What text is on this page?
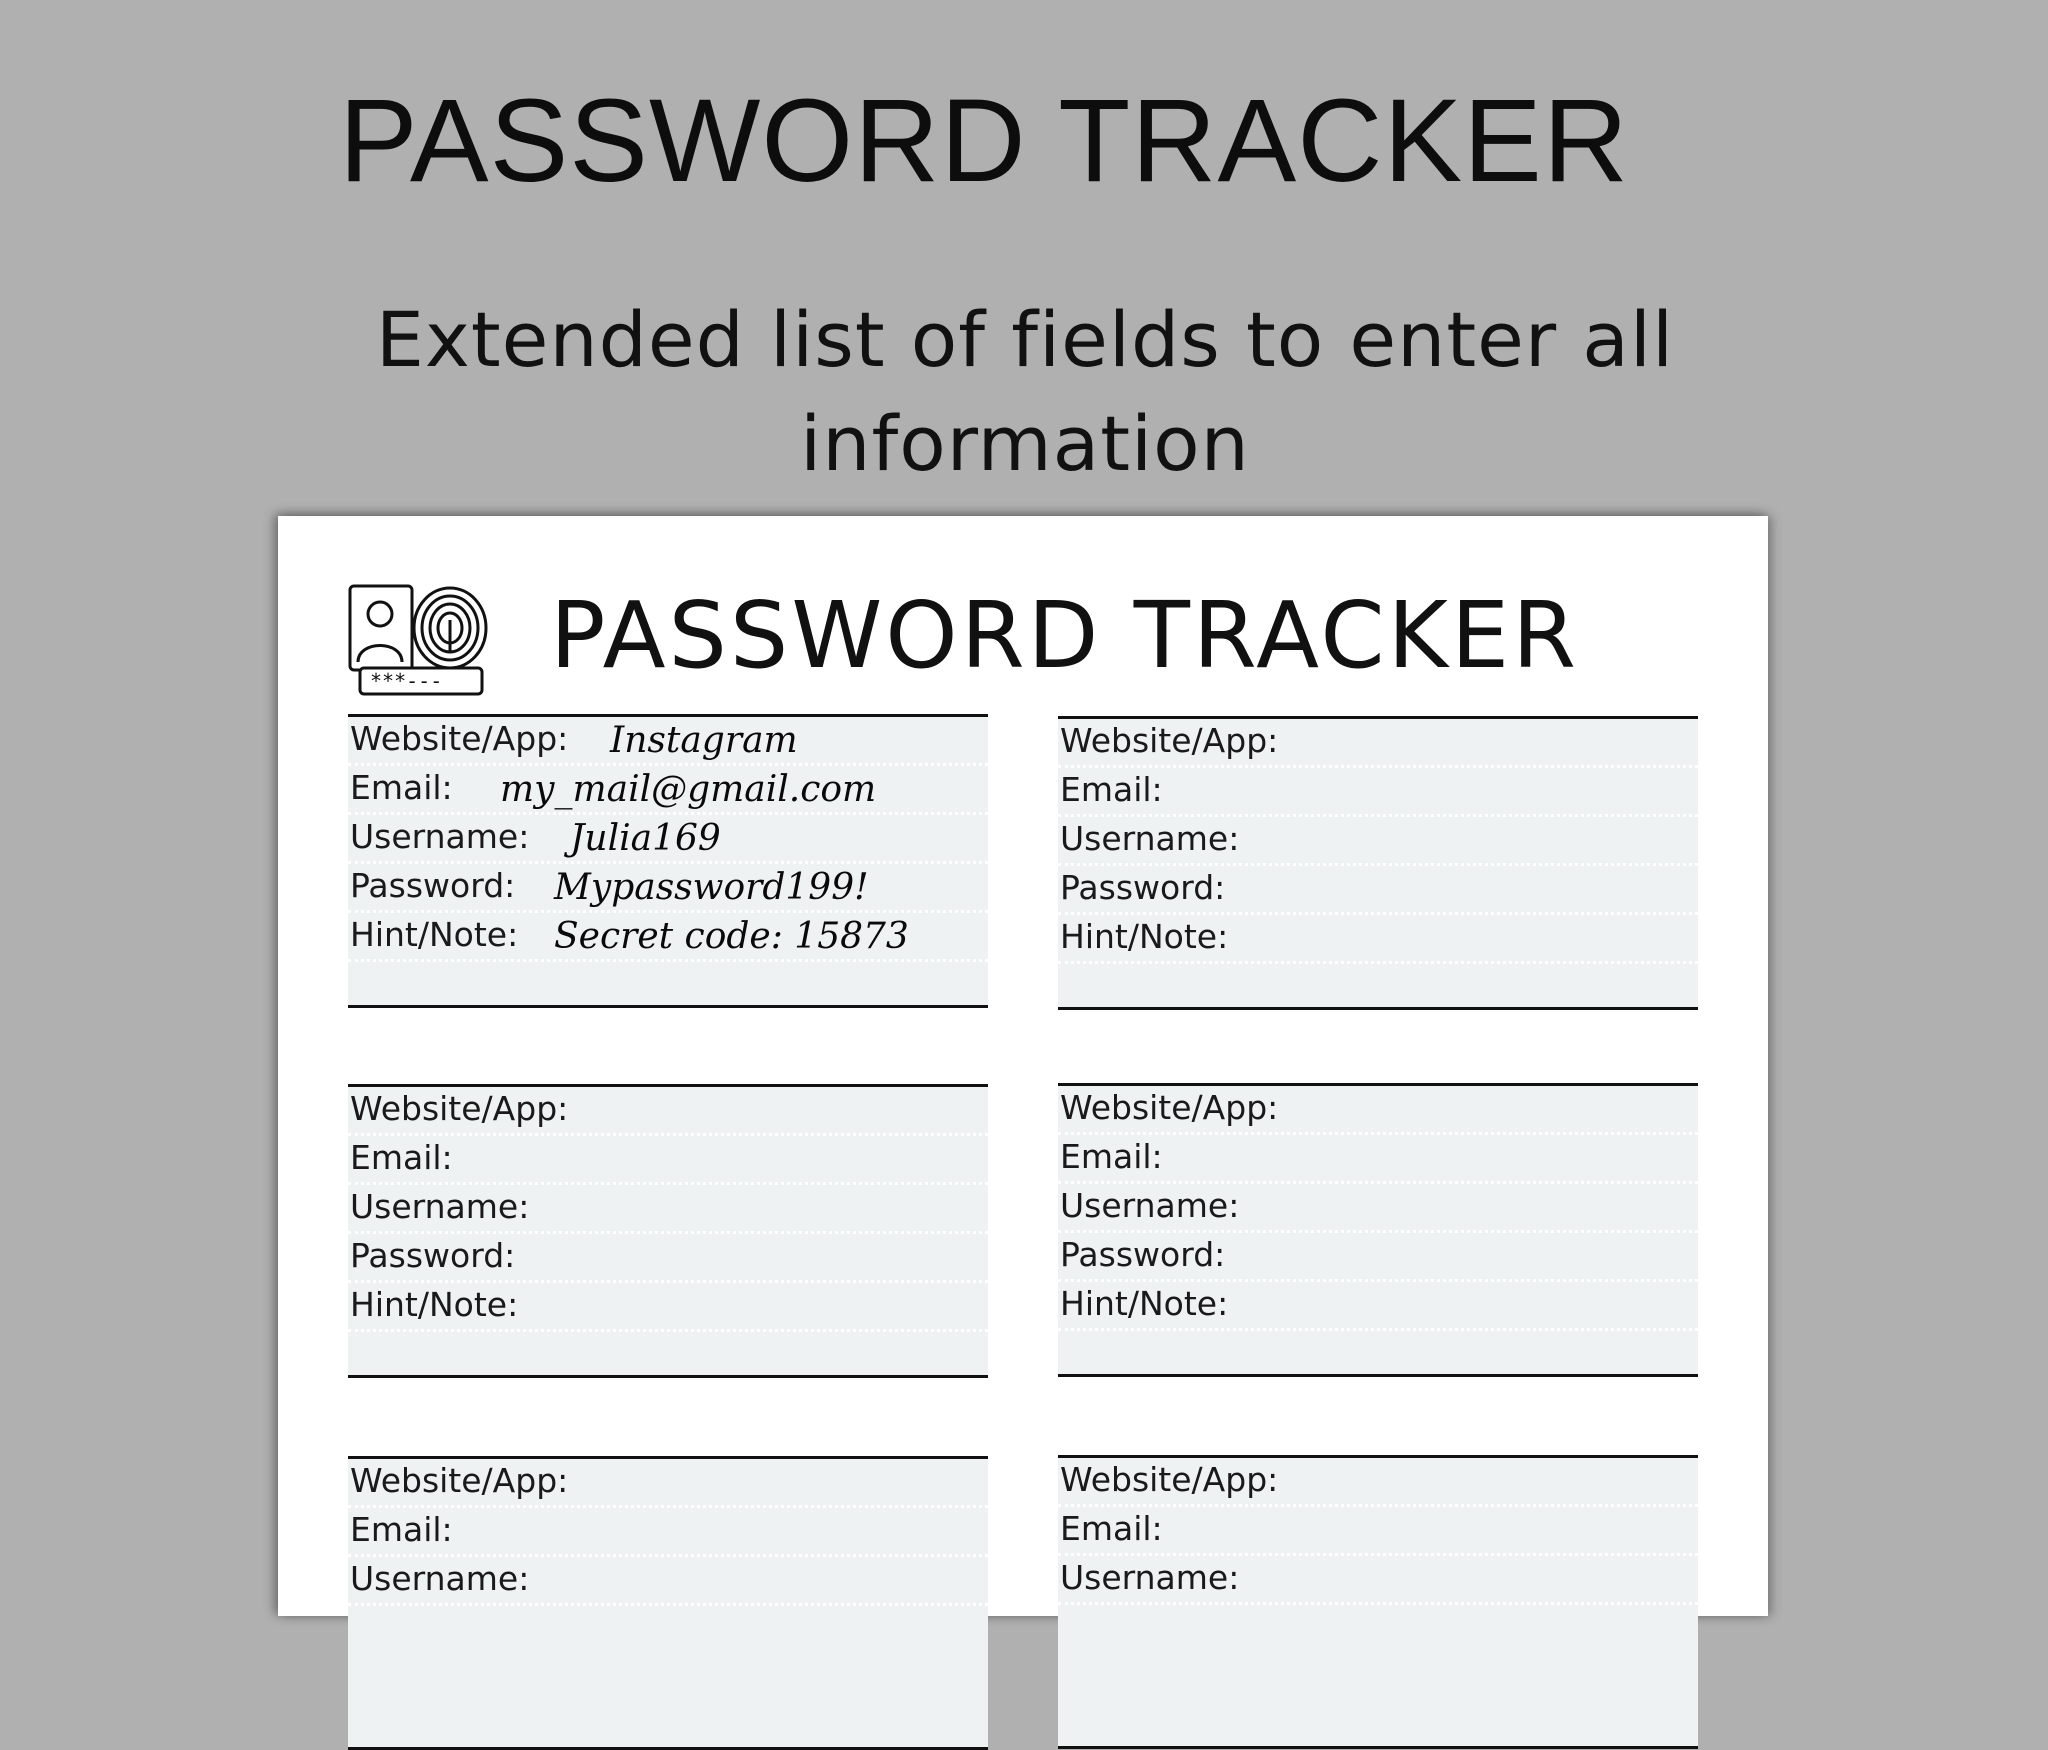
PASSWORD TRACKER

Extended list of fields to enter all information

***--- PASSWORD TRACKER
Website/App: Instagram
Email: my_mail@gmail.com
Username: Julia169
Password: Mypassword199!
Hint/Note: Secret code: 15873
Website/App:
Email:
Username:
Password:
Hint/Note:
Website/App:
Email:
Username:
Password:
Hint/Note:
Website/App:
Email:
Username:
Password:
Hint/Note:
Website/App:
Email:
Username:
Website/App:
Email:
Username:
